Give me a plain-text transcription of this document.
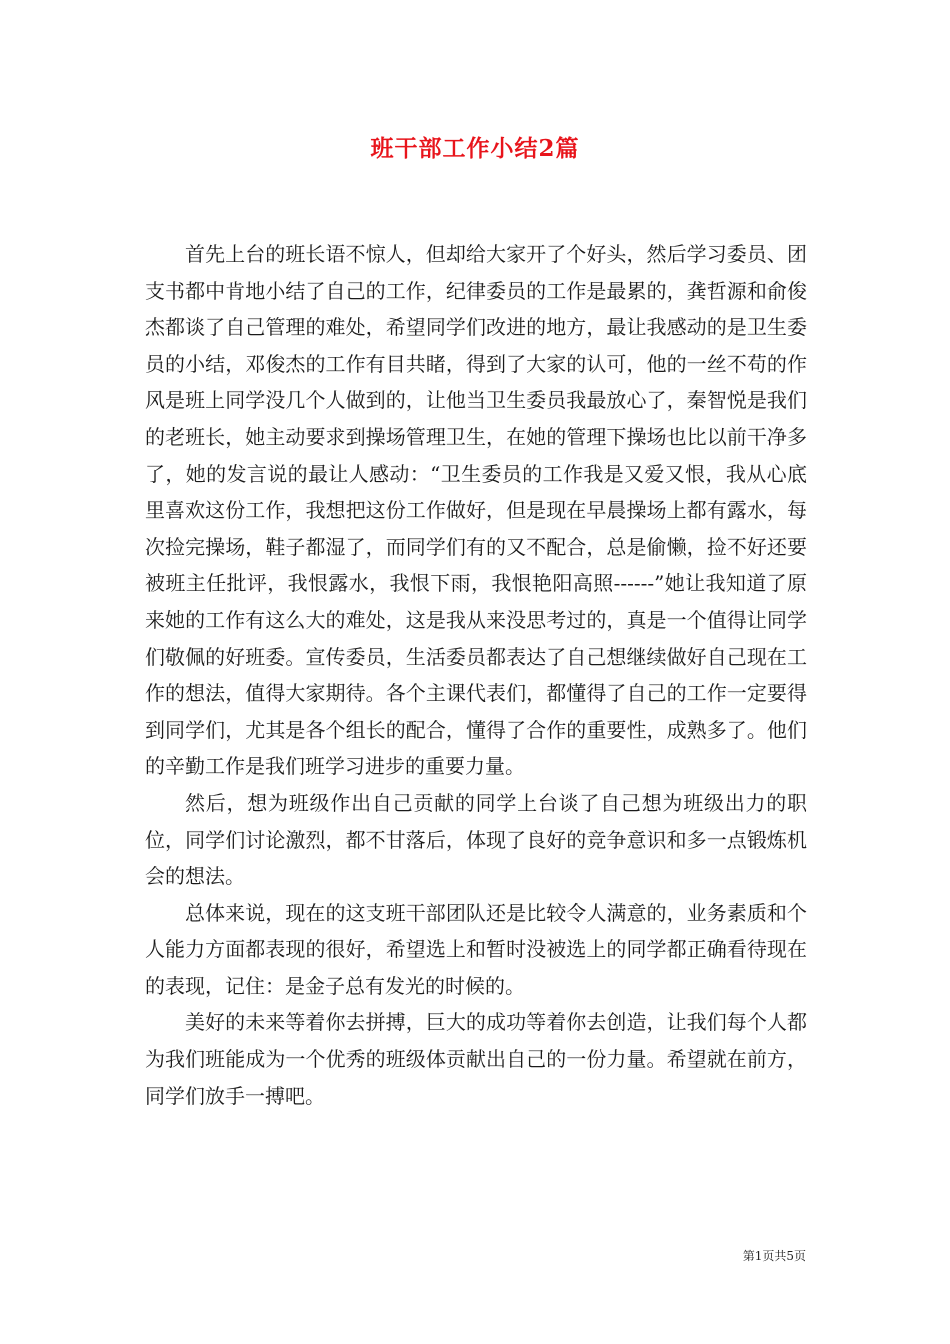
班干部工作小结2篇

首先上台的班长语不惊人，但却给大家开了个好头，然后学习委员、团支书都中肯地小结了自己的工作，纪律委员的工作是最累的，龚哲源和俞俊杰都谈了自己管理的难处，希望同学们改进的地方，最让我感动的是卫生委员的小结，邓俊杰的工作有目共睹，得到了大家的认可，他的一丝不苟的作风是班上同学没几个人做到的，让他当卫生委员我最放心了，秦智悦是我们的老班长，她主动要求到操场管理卫生，在她的管理下操场也比以前干净多了，她的发言说的最让人感动：“卫生委员的工作我是又爱又恨，我从心底里喜欢这份工作，我想把这份工作做好，但是现在早晨操场上都有露水，每次捡完操场，鞋子都湿了，而同学们有的又不配合，总是偷懒，捡不好还要被班主任批评，我恨露水，我恨下雨，我恨艳阳高照------”她让我知道了原来她的工作有这么大的难处，这是我从来没思考过的，真是一个值得让同学们敬佩的好班委。宣传委员，生活委员都表达了自己想继续做好自己现在工作的想法，值得大家期待。各个主课代表们，都懂得了自己的工作一定要得到同学们，尤其是各个组长的配合，懂得了合作的重要性，成熟多了。他们的辛勤工作是我们班学习进步的重要力量。

然后，想为班级作出自己贡献的同学上台谈了自己想为班级出力的职位，同学们讨论激烈，都不甘落后，体现了良好的竞争意识和多一点锻炼机会的想法。

总体来说，现在的这支班干部团队还是比较令人满意的，业务素质和个人能力方面都表现的很好，希望选上和暂时没被选上的同学都正确看待现在的表现，记住：是金子总有发光的时候的。

美好的未来等着你去拼搏，巨大的成功等着你去创造，让我们每个人都为我们班能成为一个优秀的班级体贡献出自己的一份力量。希望就在前方，同学们放手一搏吧。

第1页共5页
